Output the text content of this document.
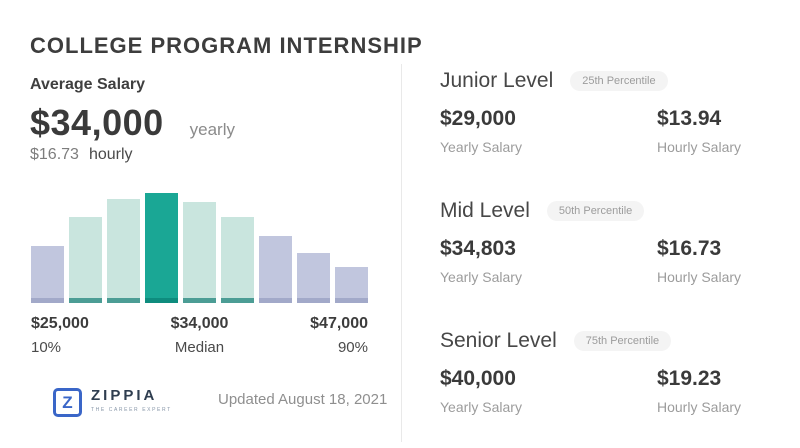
COLLEGE PROGRAM INTERNSHIP
Average Salary
$34,000 yearly
$16.73 hourly
$25,000
10%
$34,000
Median
$47,000
90%
Z ZIPPIA
THE CAREER EXPERT
Updated August 18, 2021
Junior Level	25th Percentile
$29,000
Yearly Salary
$13.94
Hourly Salary
Mid Level	50th Percentile
$34,803
Yearly Salary
$16.73
Hourly Salary
Senior Level	75th Percentile
$40,000
Yearly Salary
$19.23
Hourly Salary
